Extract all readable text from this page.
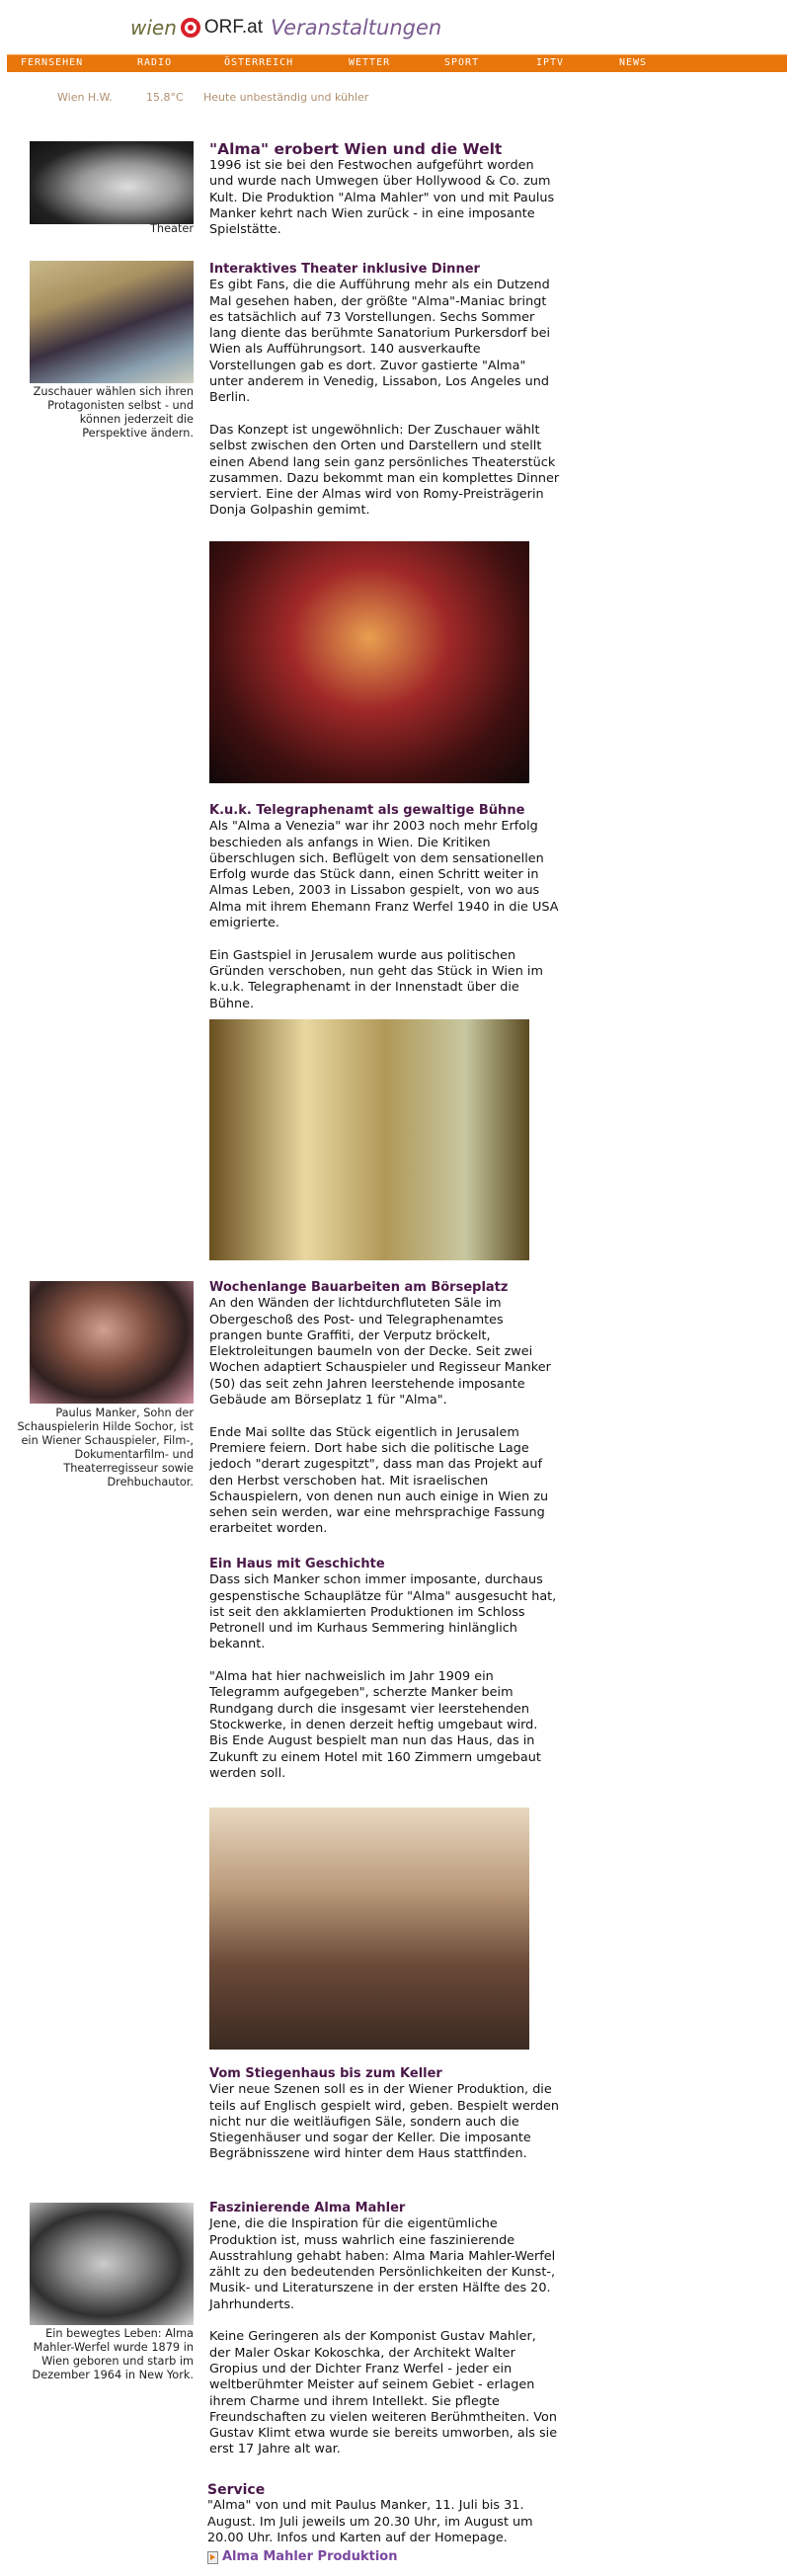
wien ORF.at Veranstaltungen
FERNSEHEN	RADIO	ÖSTERREICH	WETTER	SPORT	IPTV	NEWS
Wien H.W.	15.8°C Heute unbeständig und kühler
Theater
"Alma" erobert Wien und die Welt

1996 ist sie bei den Festwochen aufgeführt worden und wurde nach Umwegen über Hollywood & Co. zum Kult. Die Produktion "Alma Mahler" von und mit Paulus Manker kehrt nach Wien zurück - in eine imposante Spielstätte.

Zuschauer wählen sich ihren Protagonisten selbst - und können jederzeit die Perspektive ändern.
Interaktives Theater inklusive Dinner

Es gibt Fans, die die Aufführung mehr als ein Dutzend Mal gesehen haben, der größte "Alma"-Maniac bringt es tatsächlich auf 73 Vorstellungen. Sechs Sommer lang diente das berühmte Sanatorium Purkersdorf bei Wien als Aufführungsort. 140 ausverkaufte Vorstellungen gab es dort. Zuvor gastierte "Alma" unter anderem in Venedig, Lissabon, Los Angeles und Berlin.

Das Konzept ist ungewöhnlich: Der Zuschauer wählt selbst zwischen den Orten und Darstellern und stellt einen Abend lang sein ganz persönliches Theaterstück zusammen. Dazu bekommt man ein komplettes Dinner serviert. Eine der Almas wird von Romy-Preisträgerin Donja Golpashin gemimt.

K.u.k. Telegraphenamt als gewaltige Bühne

Als "Alma a Venezia" war ihr 2003 noch mehr Erfolg beschieden als anfangs in Wien. Die Kritiken überschlugen sich. Beflügelt von dem sensationellen Erfolg wurde das Stück dann, einen Schritt weiter in Almas Leben, 2003 in Lissabon gespielt, von wo aus Alma mit ihrem Ehemann Franz Werfel 1940 in die USA emigrierte.

Ein Gastspiel in Jerusalem wurde aus politischen Gründen verschoben, nun geht das Stück in Wien im k.u.k. Telegraphenamt in der Innenstadt über die Bühne.

Paulus Manker, Sohn der Schauspielerin Hilde Sochor, ist ein Wiener Schauspieler, Film-, Dokumentarfilm- und Theaterregisseur sowie Drehbuchautor.
Wochenlange Bauarbeiten am Börseplatz

An den Wänden der lichtdurchfluteten Säle im Obergeschoß des Post- und Telegraphenamtes prangen bunte Graffiti, der Verputz bröckelt, Elektroleitungen baumeln von der Decke. Seit zwei Wochen adaptiert Schauspieler und Regisseur Manker (50) das seit zehn Jahren leerstehende imposante Gebäude am Börseplatz 1 für "Alma".

Ende Mai sollte das Stück eigentlich in Jerusalem Premiere feiern. Dort habe sich die politische Lage jedoch "derart zugespitzt", dass man das Projekt auf den Herbst verschoben hat. Mit israelischen Schauspielern, von denen nun auch einige in Wien zu sehen sein werden, war eine mehrsprachige Fassung erarbeitet worden.

Ein Haus mit Geschichte

Dass sich Manker schon immer imposante, durchaus gespenstische Schauplätze für "Alma" ausgesucht hat, ist seit den akklamierten Produktionen im Schloss Petronell und im Kurhaus Semmering hinlänglich bekannt.

"Alma hat hier nachweislich im Jahr 1909 ein Telegramm aufgegeben", scherzte Manker beim Rundgang durch die insgesamt vier leerstehenden Stockwerke, in denen derzeit heftig umgebaut wird. Bis Ende August bespielt man nun das Haus, das in Zukunft zu einem Hotel mit 160 Zimmern umgebaut werden soll.

Vom Stiegenhaus bis zum Keller

Vier neue Szenen soll es in der Wiener Produktion, die teils auf Englisch gespielt wird, geben. Bespielt werden nicht nur die weitläufigen Säle, sondern auch die Stiegenhäuser und sogar der Keller. Die imposante Begräbnisszene wird hinter dem Haus stattfinden.

Ein bewegtes Leben: Alma Mahler-Werfel wurde 1879 in Wien geboren und starb im Dezember 1964 in New York.
Faszinierende Alma Mahler

Jene, die die Inspiration für die eigentümliche Produktion ist, muss wahrlich eine faszinierende Ausstrahlung gehabt haben: Alma Maria Mahler-Werfel zählt zu den bedeutenden Persönlichkeiten der Kunst-, Musik- und Literaturszene in der ersten Hälfte des 20. Jahrhunderts.

Keine Geringeren als der Komponist Gustav Mahler, der Maler Oskar Kokoschka, der Architekt Walter Gropius und der Dichter Franz Werfel - jeder ein weltberühmter Meister auf seinem Gebiet - erlagen ihrem Charme und ihrem Intellekt. Sie pflegte Freundschaften zu vielen weiteren Berühmtheiten. Von Gustav Klimt etwa wurde sie bereits umworben, als sie erst 17 Jahre alt war.

Service

"Alma" von und mit Paulus Manker, 11. Juli bis 31. August. Im Juli jeweils um 20.30 Uhr, im August um 20.00 Uhr. Infos und Karten auf der Homepage.

Alma Mahler Produktion
